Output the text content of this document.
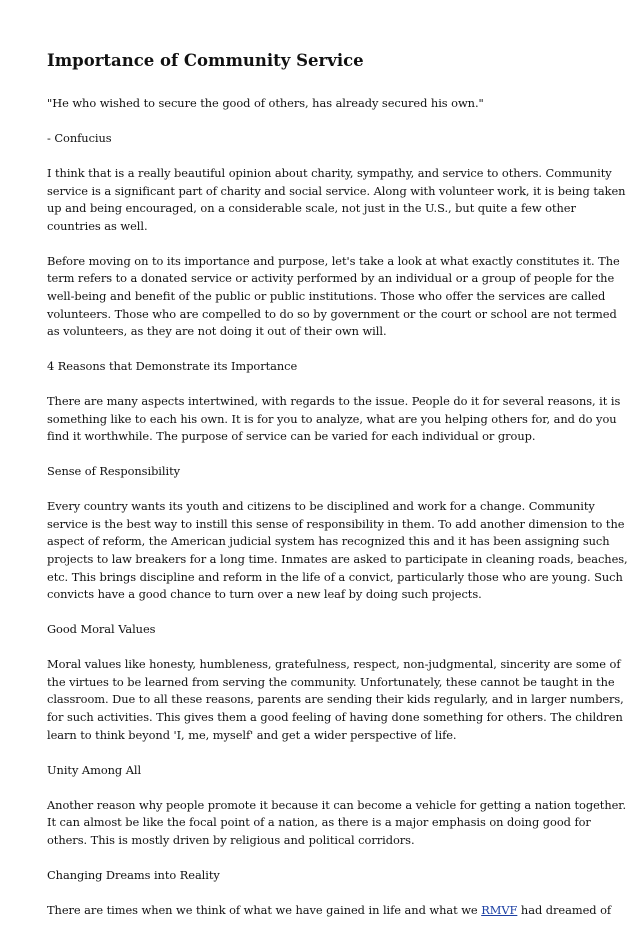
Importance of Community Service
"He who wished to secure the good of others, has already secured his own."
- Confucius
I think that is a really beautiful opinion about charity, sympathy, and service to others. Community
service is a significant part of charity and social service. Along with volunteer work, it is being taken
up and being encouraged, on a considerable scale, not just in the U.S., but quite a few other
countries as well.
Before moving on to its importance and purpose, let's take a look at what exactly constitutes it. The
term refers to a donated service or activity performed by an individual or a group of people for the
well-being and benefit of the public or public institutions. Those who offer the services are called
volunteers. Those who are compelled to do so by government or the court or school are not termed
as volunteers, as they are not doing it out of their own will.
4 Reasons that Demonstrate its Importance
There are many aspects intertwined, with regards to the issue. People do it for several reasons, it is
something like to each his own. It is for you to analyze, what are you helping others for, and do you
find it worthwhile. The purpose of service can be varied for each individual or group.
Sense of Responsibility
Every country wants its youth and citizens to be disciplined and work for a change. Community
service is the best way to instill this sense of responsibility in them. To add another dimension to the
aspect of reform, the American judicial system has recognized this and it has been assigning such
projects to law breakers for a long time. Inmates are asked to participate in cleaning roads, beaches,
etc. This brings discipline and reform in the life of a convict, particularly those who are young. Such
convicts have a good chance to turn over a new leaf by doing such projects.
Good Moral Values
Moral values like honesty, humbleness, gratefulness, respect, non-judgmental, sincerity are some of
the virtues to be learned from serving the community. Unfortunately, these cannot be taught in the
classroom. Due to all these reasons, parents are sending their kids regularly, and in larger numbers,
for such activities. This gives them a good feeling of having done something for others. The children
learn to think beyond 'I, me, myself' and get a wider perspective of life.
Unity Among All
Another reason why people promote it because it can become a vehicle for getting a nation together.
It can almost be like the focal point of a nation, as there is a major emphasis on doing good for
others. This is mostly driven by religious and political corridors.
Changing Dreams into Reality
There are times when we think of what we have gained in life and what we RMVF had dreamed of
